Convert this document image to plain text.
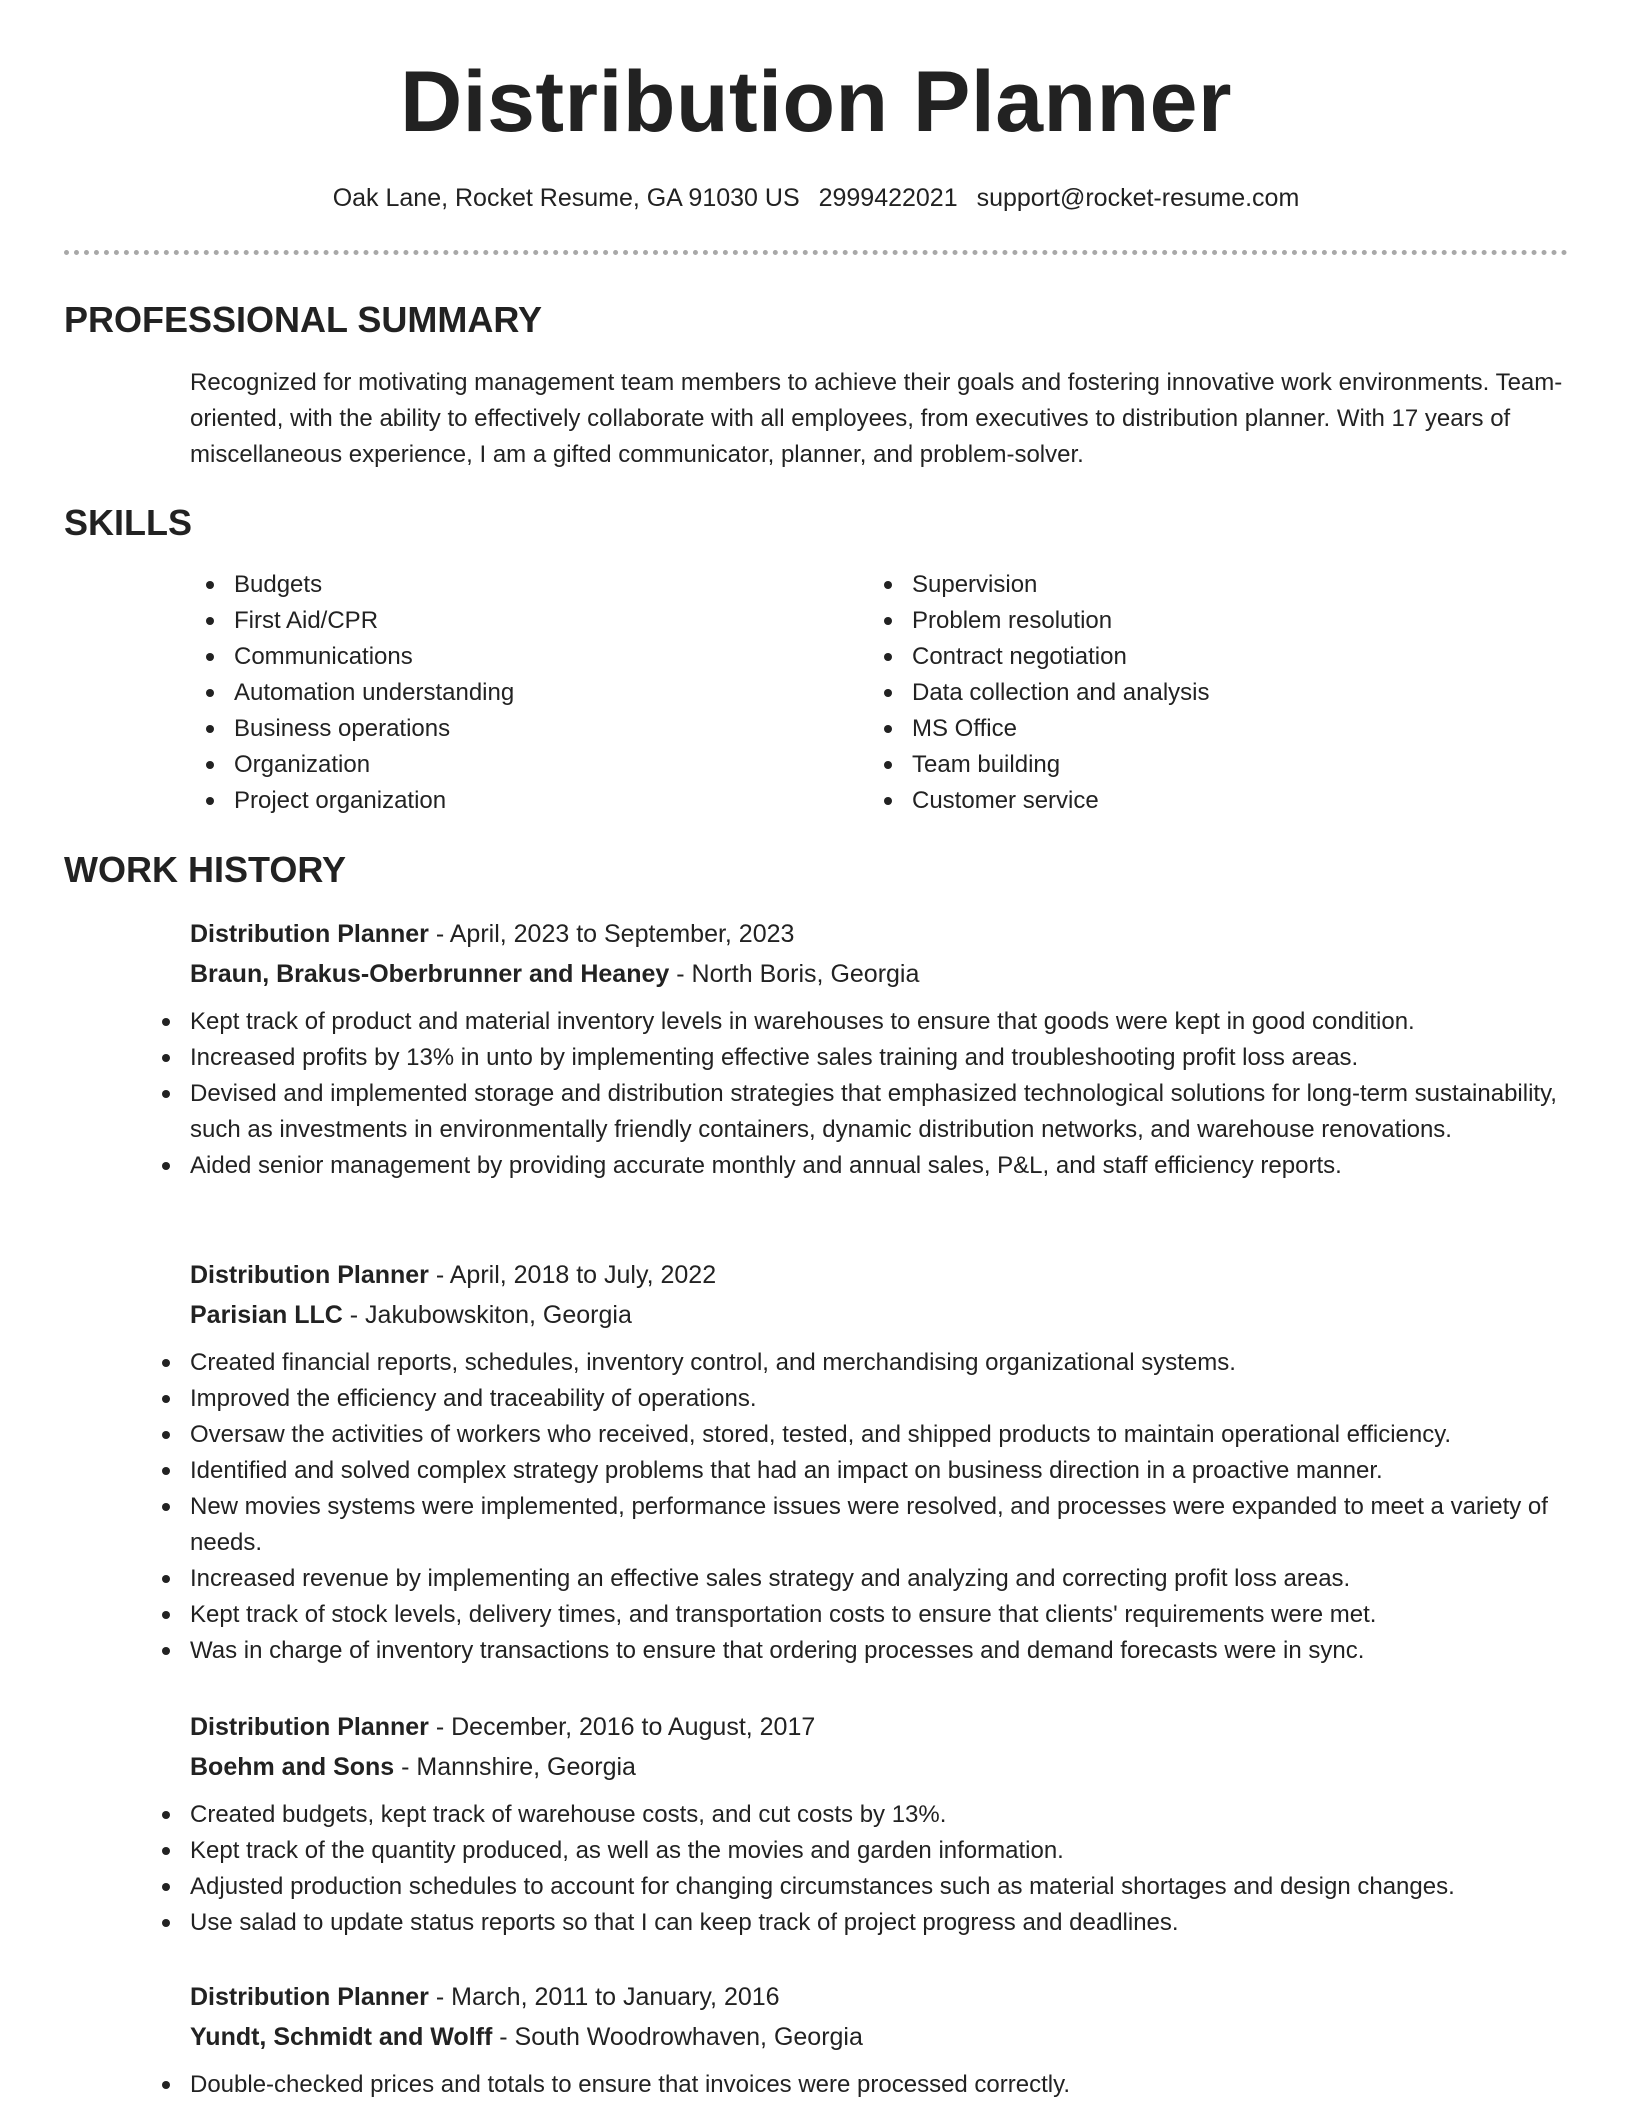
Distribution Planner
Oak Lane, Rocket Resume, GA 91030 US 2999422021 support@rocket-resume.com
PROFESSIONAL SUMMARY

Recognized for motivating management team members to achieve their goals and fostering innovative work environments. Team-oriented, with the ability to effectively collaborate with all employees, from executives to distribution planner. With 17 years of miscellaneous experience, I am a gifted communicator, planner, and problem-solver.

SKILLS
Budgets
First Aid/CPR
Communications
Automation understanding
Business operations
Organization
Project organization
Supervision
Problem resolution
Contract negotiation
Data collection and analysis
MS Office
Team building
Customer service
WORK HISTORY

Distribution Planner - April, 2023 to September, 2023

Braun, Brakus-Oberbrunner and Heaney - North Boris, Georgia

Kept track of product and material inventory levels in warehouses to ensure that goods were kept in good condition.
Increased profits by 13% in unto by implementing effective sales training and troubleshooting profit loss areas.
Devised and implemented storage and distribution strategies that emphasized technological solutions for long-term sustainability, such as investments in environmentally friendly containers, dynamic distribution networks, and warehouse renovations.
Aided senior management by providing accurate monthly and annual sales, P&L, and staff efficiency reports.

Distribution Planner - April, 2018 to July, 2022

Parisian LLC - Jakubowskiton, Georgia

Created financial reports, schedules, inventory control, and merchandising organizational systems.
Improved the efficiency and traceability of operations.
Oversaw the activities of workers who received, stored, tested, and shipped products to maintain operational efficiency.
Identified and solved complex strategy problems that had an impact on business direction in a proactive manner.
New movies systems were implemented, performance issues were resolved, and processes were expanded to meet a variety of needs.
Increased revenue by implementing an effective sales strategy and analyzing and correcting profit loss areas.
Kept track of stock levels, delivery times, and transportation costs to ensure that clients' requirements were met.
Was in charge of inventory transactions to ensure that ordering processes and demand forecasts were in sync.

Distribution Planner - December, 2016 to August, 2017

Boehm and Sons - Mannshire, Georgia

Created budgets, kept track of warehouse costs, and cut costs by 13%.
Kept track of the quantity produced, as well as the movies and garden information.
Adjusted production schedules to account for changing circumstances such as material shortages and design changes.
Use salad to update status reports so that I can keep track of project progress and deadlines.

Distribution Planner - March, 2011 to January, 2016

Yundt, Schmidt and Wolff - South Woodrowhaven, Georgia

Double-checked prices and totals to ensure that invoices were processed correctly.
